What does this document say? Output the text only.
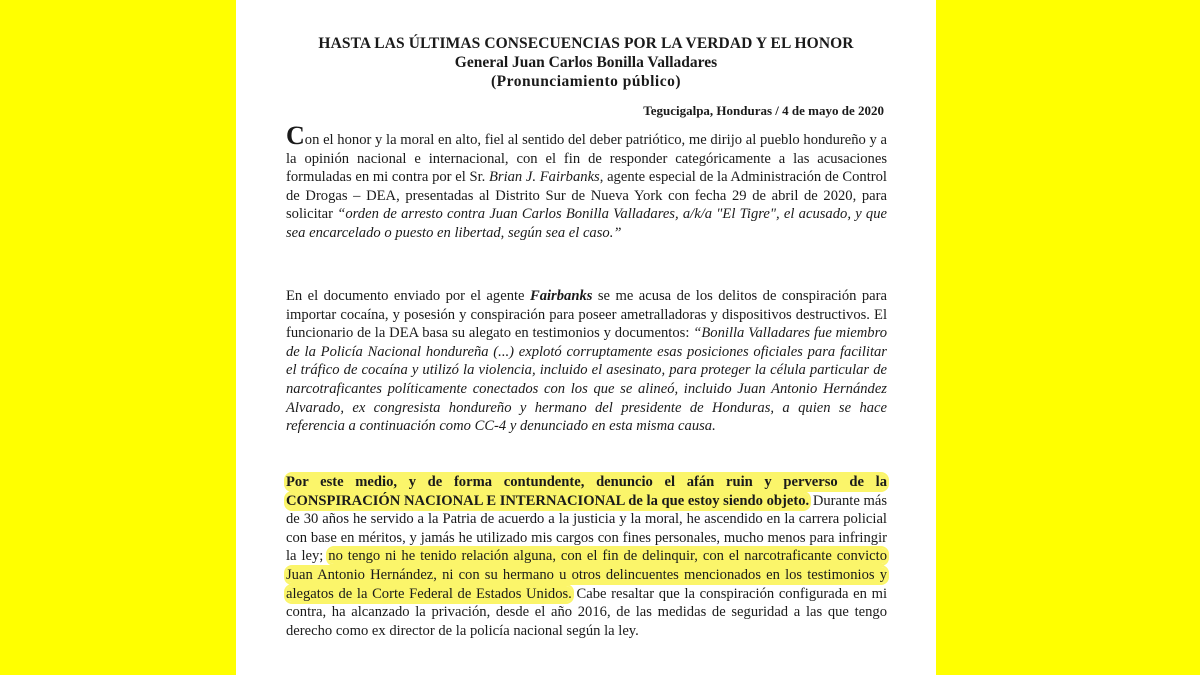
HASTA LAS ÚLTIMAS CONSECUENCIAS POR LA VERDAD Y EL HONOR
General Juan Carlos Bonilla Valladares
(Pronunciamiento público)
Tegucigalpa, Honduras / 4 de mayo de 2020
Con el honor y la moral en alto, fiel al sentido del deber patriótico, me dirijo al pueblo hondureño y a la opinión nacional e internacional, con el fin de responder categóricamente a las acusaciones formuladas en mi contra por el Sr. Brian J. Fairbanks, agente especial de la Administración de Control de Drogas – DEA, presentadas al Distrito Sur de Nueva York con fecha 29 de abril de 2020, para solicitar “orden de arresto contra Juan Carlos Bonilla Valladares, a/k/a "El Tigre", el acusado, y que sea encarcelado o puesto en libertad, según sea el caso.”
En el documento enviado por el agente Fairbanks se me acusa de los delitos de conspiración para importar cocaína, y posesión y conspiración para poseer ametralladoras y dispositivos destructivos. El funcionario de la DEA basa su alegato en testimonios y documentos: “Bonilla Valladares fue miembro de la Policía Nacional hondureña (...) explotó corruptamente esas posiciones oficiales para facilitar el tráfico de cocaína y utilizó la violencia, incluido el asesinato, para proteger la célula particular de narcotraficantes políticamente conectados con los que se alineó, incluido Juan Antonio Hernández Alvarado, ex congresista hondureño y hermano del presidente de Honduras, a quien se hace referencia a continuación como CC-4 y denunciado en esta misma causa.
Por este medio, y de forma contundente, denuncio el afán ruin y perverso de la CONSPIRACIÓN NACIONAL E INTERNACIONAL de la que estoy siendo objeto. Durante más de 30 años he servido a la Patria de acuerdo a la justicia y la moral, he ascendido en la carrera policial con base en méritos, y jamás he utilizado mis cargos con fines personales, mucho menos para infringir la ley; no tengo ni he tenido relación alguna, con el fin de delinquir, con el narcotraficante convicto Juan Antonio Hernández, ni con su hermano u otros delincuentes mencionados en los testimonios y alegatos de la Corte Federal de Estados Unidos. Cabe resaltar que la conspiración configurada en mi contra, ha alcanzado la privación, desde el año 2016, de las medidas de seguridad a las que tengo derecho como ex director de la policía nacional según la ley.
